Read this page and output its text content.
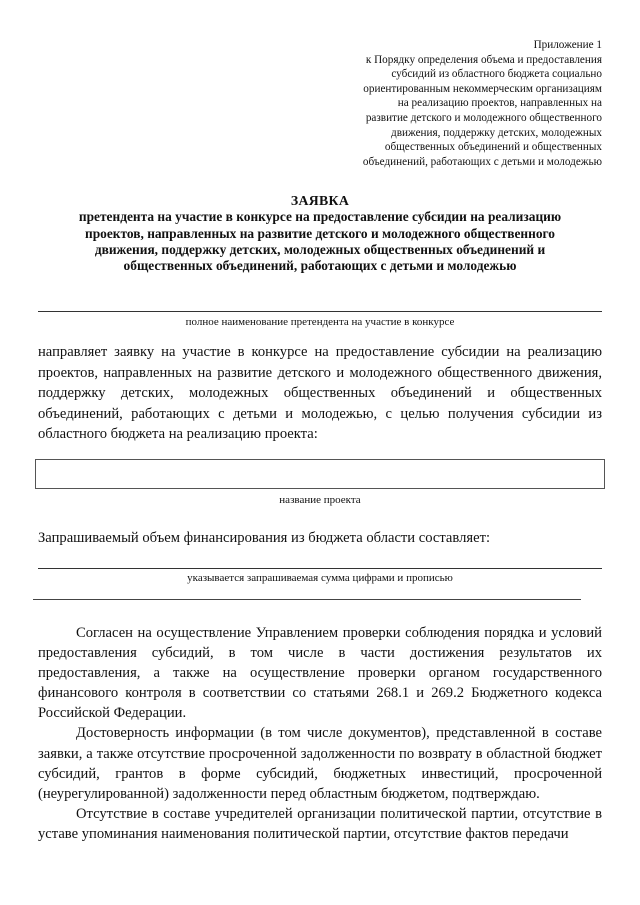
Приложение 1
к Порядку определения объема и предоставления
субсидий из областного бюджета социально
ориентированным некоммерческим организациям
на реализацию проектов, направленных на
развитие детского и молодежного общественного
движения, поддержку детских, молодежных
общественных объединений и общественных
объединений, работающих с детьми и молодежью
ЗАЯВКА
претендента на участие в конкурсе на предоставление субсидии на реализацию
проектов, направленных на развитие детского и молодежного общественного
движения, поддержку детских, молодежных общественных объединений и
общественных объединений, работающих с детьми и молодежью
полное наименование претендента на участие в конкурсе
направляет заявку на участие в конкурсе на предоставление субсидии на реализацию проектов, направленных на развитие детского и молодежного общественного движения, поддержку детских, молодежных общественных объединений и общественных объединений, работающих с детьми и молодежью, с целью получения субсидии из областного бюджета на реализацию проекта:
название проекта
Запрашиваемый объем финансирования из бюджета области составляет:
указывается запрашиваемая сумма цифрами и прописью

Согласен на осуществление Управлением проверки соблюдения порядка и условий предоставления субсидий, в том числе в части достижения результатов их предоставления, а также на осуществление проверки органом государственного финансового контроля в соответствии со статьями 268.1 и 269.2 Бюджетного кодекса Российской Федерации.

Достоверность информации (в том числе документов), представленной в составе заявки, а также отсутствие просроченной задолженности по возврату в областной бюджет субсидий, грантов в форме субсидий, бюджетных инвестиций, просроченной (неурегулированной) задолженности перед областным бюджетом, подтверждаю.

Отсутствие в составе учредителей организации политической партии, отсутствие в уставе упоминания наименования политической партии, отсутствие фактов передачи
